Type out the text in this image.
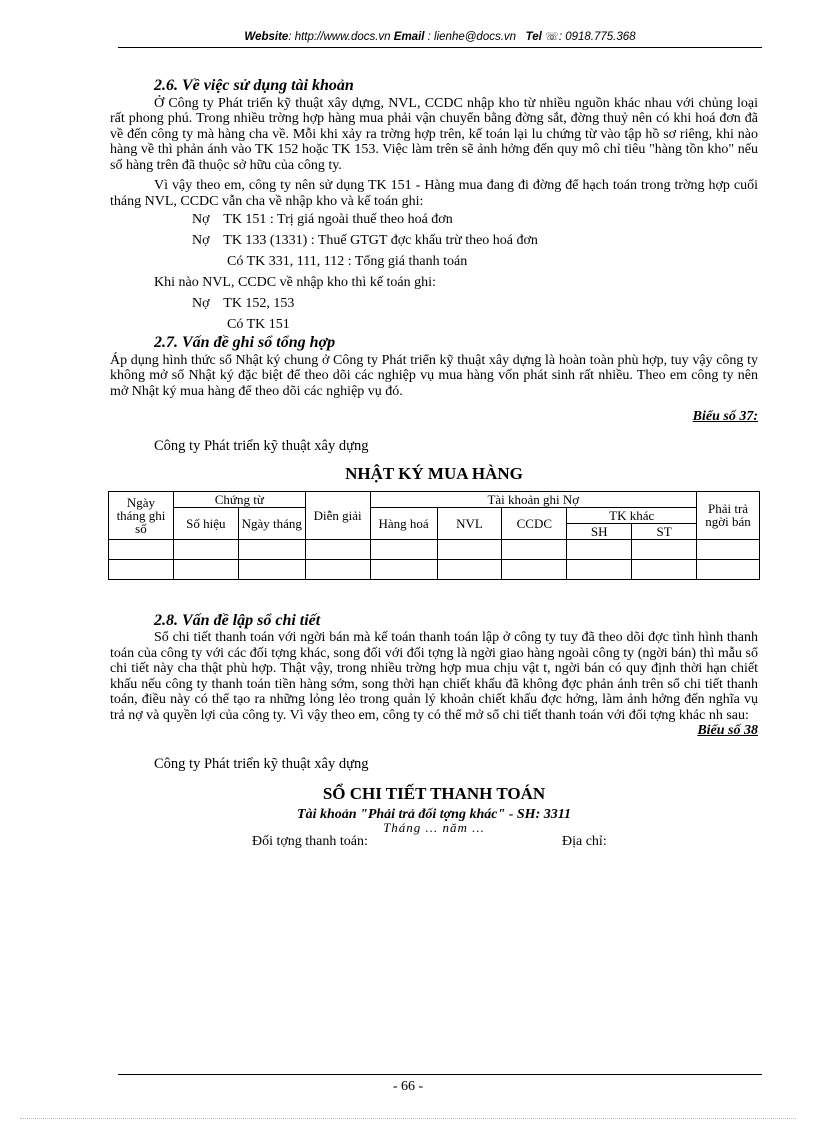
Website: http://www.docs.vn Email : lienhe@docs.vn Tel ☏: 0918.775.368
2.6. Về việc sử dụng tài khoản

Ở Công ty Phát triển kỹ thuật xây dựng, NVL, CCDC nhập kho từ nhiều nguồn khác nhau với chủng loại rất phong phú. Trong nhiều trờng hợp hàng mua phải vận chuyển bằng đờng sắt, đờng thuỷ nên có khi hoá đơn đã về đến công ty mà hàng cha về. Mỗi khi xảy ra trờng hợp trên, kế toán lại lu chứng từ vào tập hồ sơ riêng, khi nào hàng về thì phản ánh vào TK 152 hoặc TK 153. Việc làm trên sẽ ảnh hởng đến quy mô chỉ tiêu "hàng tồn kho" nếu số hàng trên đã thuộc sở hữu của công ty.

Vì vậy theo em, công ty nên sử dụng TK 151 - Hàng mua đang đi đờng để hạch toán trong trờng hợp cuối tháng NVL, CCDC vẫn cha về nhập kho và kế toán ghi:

Nợ    TK 151 : Trị giá ngoài thuế theo hoá đơn
Nợ    TK 133 (1331) : Thuế GTGT đợc khấu trừ theo hoá đơn
Có TK 331, 111, 112 : Tổng giá thanh toán
Khi nào NVL, CCDC về nhập kho thì kế toán ghi:
Nợ    TK 152, 153
Có TK 151
2.7. Vấn đề ghi sổ tổng hợp

Áp dụng hình thức sổ Nhật ký chung ở Công ty Phát triển kỹ thuật xây dựng là hoàn toàn phù hợp, tuy vậy công ty không mở sổ Nhật ký đặc biệt để theo dõi các nghiệp vụ mua hàng vốn phát sinh rất nhiều. Theo em công ty nên mở Nhật ký mua hàng để theo dõi các nghiệp vụ đó.

Biểu số 37:
Công ty Phát triển kỹ thuật xây dựng
NHẬT KÝ MUA HÀNG
Ngày tháng ghi sổ	Chứng từ		Diễn giải	Tài khoản ghi Nợ					Phải trả ngời bán
	Số hiệu	Ngày tháng		Hàng hoá	NVL	CCDC	TK khác		
							SH	ST	

2.8. Vấn đề lập sổ chi tiết

Sổ chi tiết thanh toán với ngời bán mà kế toán thanh toán lập ở công ty tuy đã theo dõi đợc tình hình thanh toán của công ty với các đối tợng khác, song đối với đối tợng là ngời giao hàng ngoài công ty (ngời bán) thì mẫu sổ chi tiết này cha thật phù hợp. Thật vậy, trong nhiều trờng hợp mua chịu vật t, ngời bán có quy định thời hạn chiết khấu nếu công ty thanh toán tiền hàng sớm, song thời hạn chiết khấu đã không đợc phản ánh trên sổ chi tiết thanh toán, điều này có thể tạo ra những lỏng lẻo trong quản lý khoản chiết khấu đợc hởng, làm ảnh hởng đến nghĩa vụ trả nợ và quyền lợi của công ty. Vì vậy theo em, công ty có thể mở sổ chi tiết thanh toán với đối tợng khác nh sau:

Biểu số 38
Công ty Phát triển kỹ thuật xây dựng
SỔ CHI TIẾT THANH TOÁN
Tài khoản "Phải trả đối tợng khác" - SH: 3311
Tháng ... năm ...
Đối tợng thanh toán:	Địa chỉ:
- 66 -
